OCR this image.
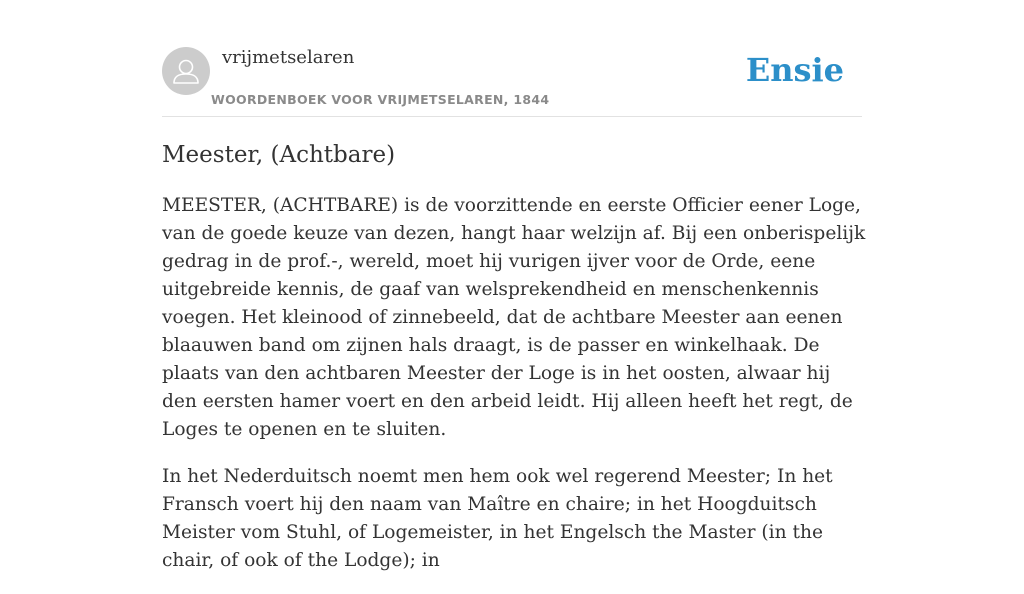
vrijmetselaren
WOORDENBOEK VOOR VRIJMETSELAREN, 1844
Ensie
Meester, (Achtbare)

MEESTER, (ACHTBARE) is de voorzittende en eerste Officier eener Loge, van de goede keuze van dezen, hangt haar welzijn af. Bij een onberispelijk gedrag in de prof.-, wereld, moet hij vurigen ijver voor de Orde, eene uitgebreide kennis, de gaaf van welsprekendheid en menschenkennis voegen. Het kleinood of zinnebeeld, dat de achtbare Meester aan eenen blaauwen band om zijnen hals draagt, is de passer en winkelhaak. De plaats van den achtbaren Meester der Loge is in het oosten, alwaar hij den eersten hamer voert en den arbeid leidt. Hij alleen heeft het regt, de Loges te openen en te sluiten.

In het Nederduitsch noemt men hem ook wel regerend Meester; In het Fransch voert hij den naam van Maître en chaire; in het Hoogduitsch Meister vom Stuhl, of Logemeister, in het Engelsch the Master (in the chair, of ook of the Lodge); in
